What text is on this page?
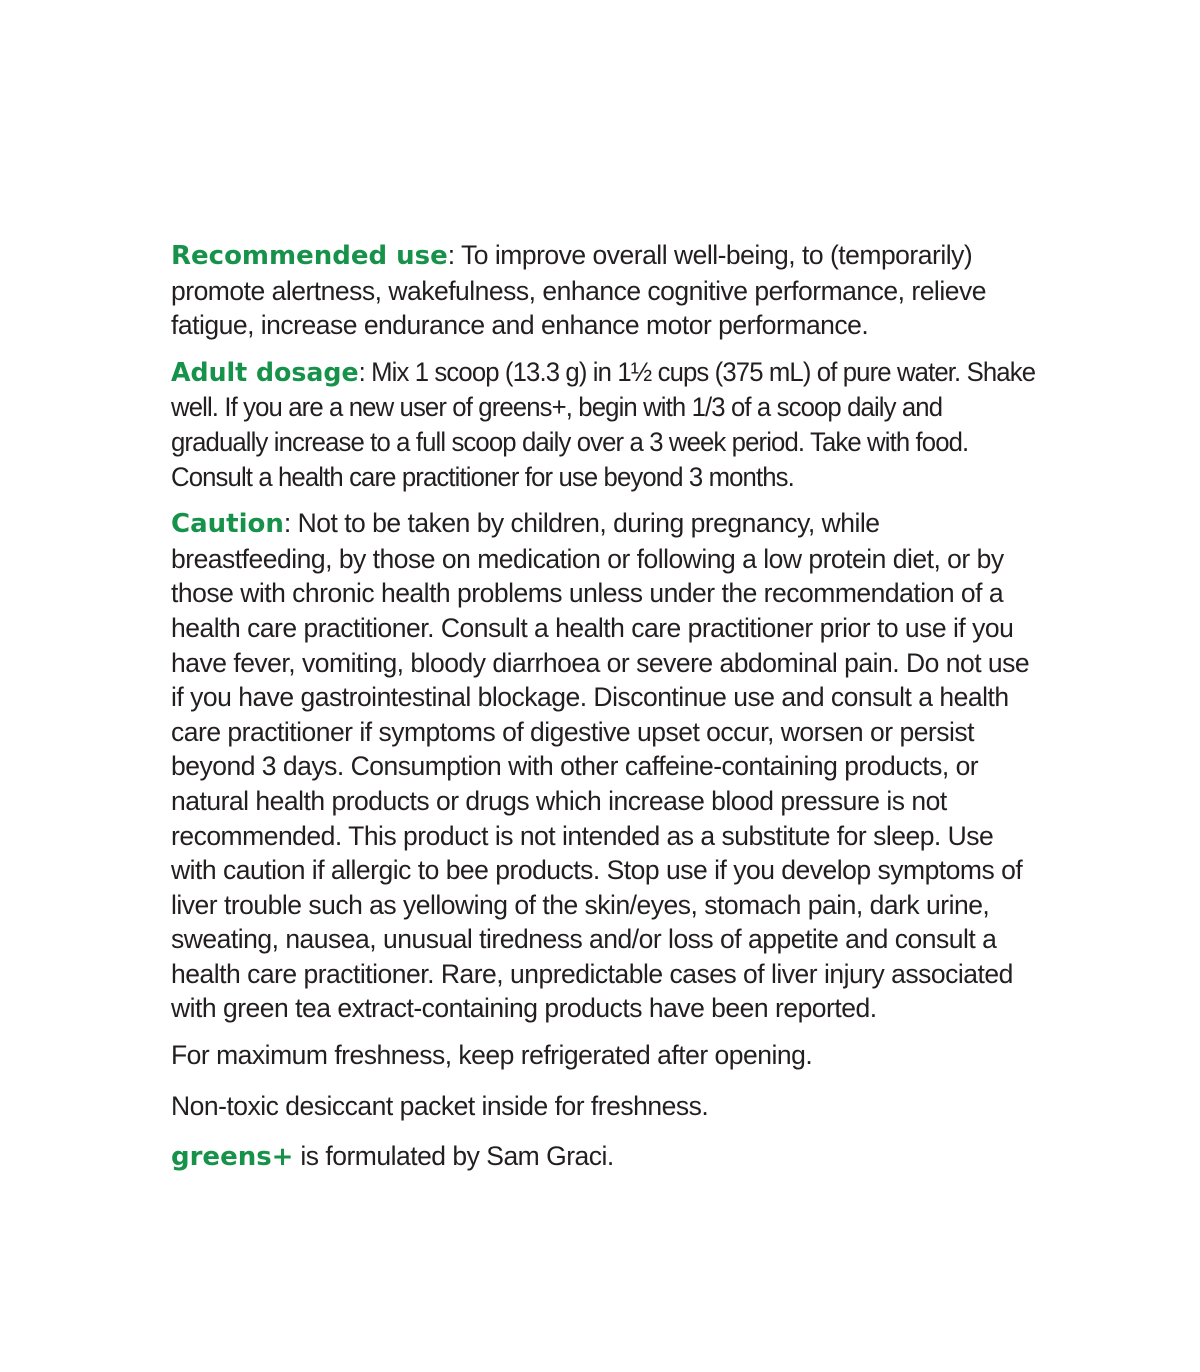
Recommended use: To improve overall well-being, to (temporarily) promote alertness, wakefulness, enhance cognitive performance, relieve fatigue, increase endurance and enhance motor performance.

Adult dosage: Mix 1 scoop (13.3 g) in 1½ cups (375 mL) of pure water. Shake well. If you are a new user of greens+, begin with 1/3 of a scoop daily and gradually increase to a full scoop daily over a 3 week period. Take with food. Consult a health care practitioner for use beyond 3 months.

Caution: Not to be taken by children, during pregnancy, while breastfeeding, by those on medication or following a low protein diet, or by those with chronic health problems unless under the recommendation of a health care practitioner. Consult a health care practitioner prior to use if you have fever, vomiting, bloody diarrhoea or severe abdominal pain. Do not use if you have gastrointestinal blockage. Discontinue use and consult a health care practitioner if symptoms of digestive upset occur, worsen or persist beyond 3 days. Consumption with other caffeine-containing products, or natural health products or drugs which increase blood pressure is not recommended. This product is not intended as a substitute for sleep. Use with caution if allergic to bee products. Stop use if you develop symptoms of liver trouble such as yellowing of the skin/eyes, stomach pain, dark urine, sweating, nausea, unusual tiredness and/or loss of appetite and consult a health care practitioner. Rare, unpredictable cases of liver injury associated with green tea extract-containing products have been reported.

For maximum freshness, keep refrigerated after opening.

Non-toxic desiccant packet inside for freshness.

greens+ is formulated by Sam Graci.
